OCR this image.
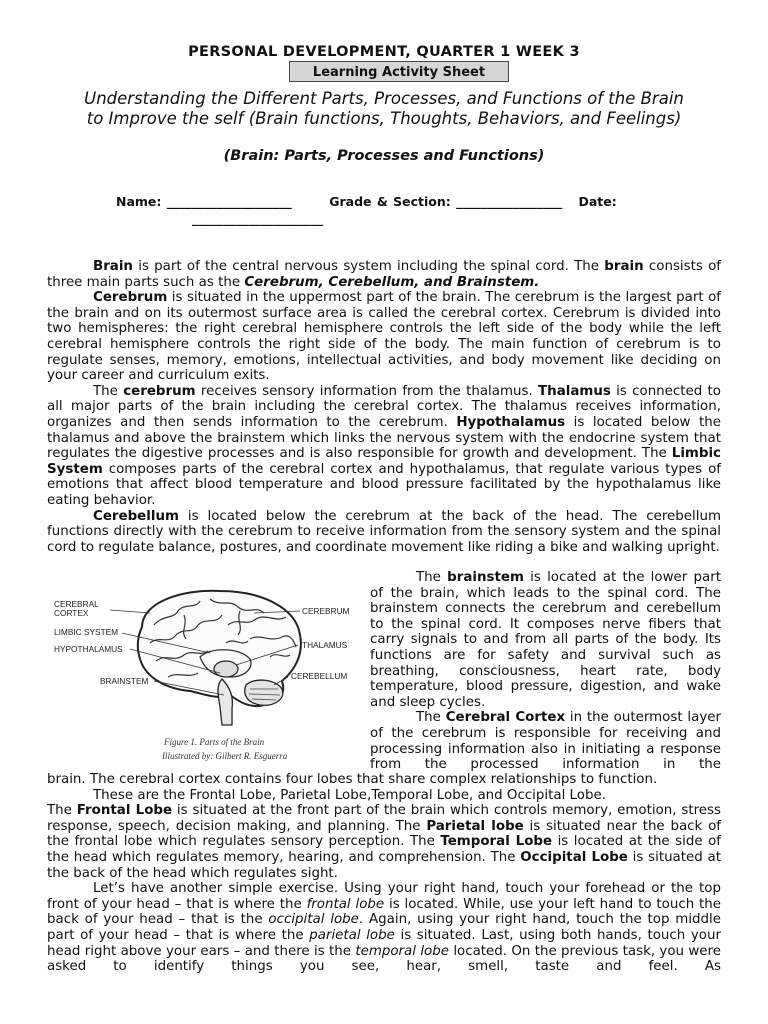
PERSONAL DEVELOPMENT, QUARTER 1 WEEK 3
Learning Activity Sheet
Understanding the Different Parts, Processes, and Functions of the Brain
to Improve the self (Brain functions, Thoughts, Behaviors, and Feelings)
(Brain: Parts, Processes and Functions)
Name: ____________________	Grade & Section: _________________ Date:
_____________________

Brain is part of the central nervous system including the spinal cord. The brain consists of three main parts such as the Cerebrum, Cerebellum, and Brainstem.

Cerebrum is situated in the uppermost part of the brain. The cerebrum is the largest part of the brain and on its outermost surface area is called the cerebral cortex. Cerebrum is divided into two hemispheres: the right cerebral hemisphere controls the left side of the body while the left cerebral hemisphere controls the right side of the body. The main function of cerebrum is to regulate senses, memory, emotions, intellectual activities, and body movement like deciding on your career and curriculum exits.

The cerebrum receives sensory information from the thalamus. Thalamus is connected to all major parts of the brain including the cerebral cortex. The thalamus receives information, organizes and then sends information to the cerebrum. Hypothalamus is located below the thalamus and above the brainstem which links the nervous system with the endocrine system that regulates the digestive processes and is also responsible for growth and development. The Limbic System composes parts of the cerebral cortex and hypothalamus, that regulate various types of emotions that affect blood temperature and blood pressure facilitated by the hypothalamus like eating behavior.

Cerebellum is located below the cerebrum at the back of the head. The cerebellum functions directly with the cerebrum to receive information from the sensory system and the spinal cord to regulate balance, postures, and coordinate movement like riding a bike and walking upright.

CEREBRAL
CORTEX
LIMBIC SYSTEM
HYPOTHALAMUS
BRAINSTEM
CEREBRUM
THALAMUS
CEREBELLUM
Figure 1. Parts of the Brain
Illustrated by: Gilbert R. Esguerra

The brainstem is located at the lower part of the brain, which leads to the spinal cord. The brainstem connects the cerebrum and cerebellum to the spinal cord. It composes nerve fibers that carry signals to and from all parts of the body. Its functions are for safety and survival such as breathing, consciousness, heart rate, body temperature, blood pressure, digestion, and wake and sleep cycles.

The Cerebral Cortex in the outermost layer of the cerebrum is responsible for receiving and processing information also in initiating a response from the processed information in the

brain. The cerebral cortex contains four lobes that share complex relationships to function.

These are the Frontal Lobe, Parietal Lobe,Temporal Lobe, and Occipital Lobe.

The Frontal Lobe is situated at the front part of the brain which controls memory, emotion, stress response, speech, decision making, and planning. The Parietal lobe is situated near the back of the frontal lobe which regulates sensory perception. The Temporal Lobe is located at the side of the head which regulates memory, hearing, and comprehension. The Occipital Lobe is situated at the back of the head which regulates sight.

Let’s have another simple exercise. Using your right hand, touch your forehead or the top front of your head – that is where the frontal lobe is located. While, use your left hand to touch the back of your head – that is the occipital lobe. Again, using your right hand, touch the top middle part of your head – that is where the parietal lobe is situated. Last, using both hands, touch your head right above your ears – and there is the temporal lobe located. On the previous task, you were asked to identify things you see, hear, smell, taste and feel. As
